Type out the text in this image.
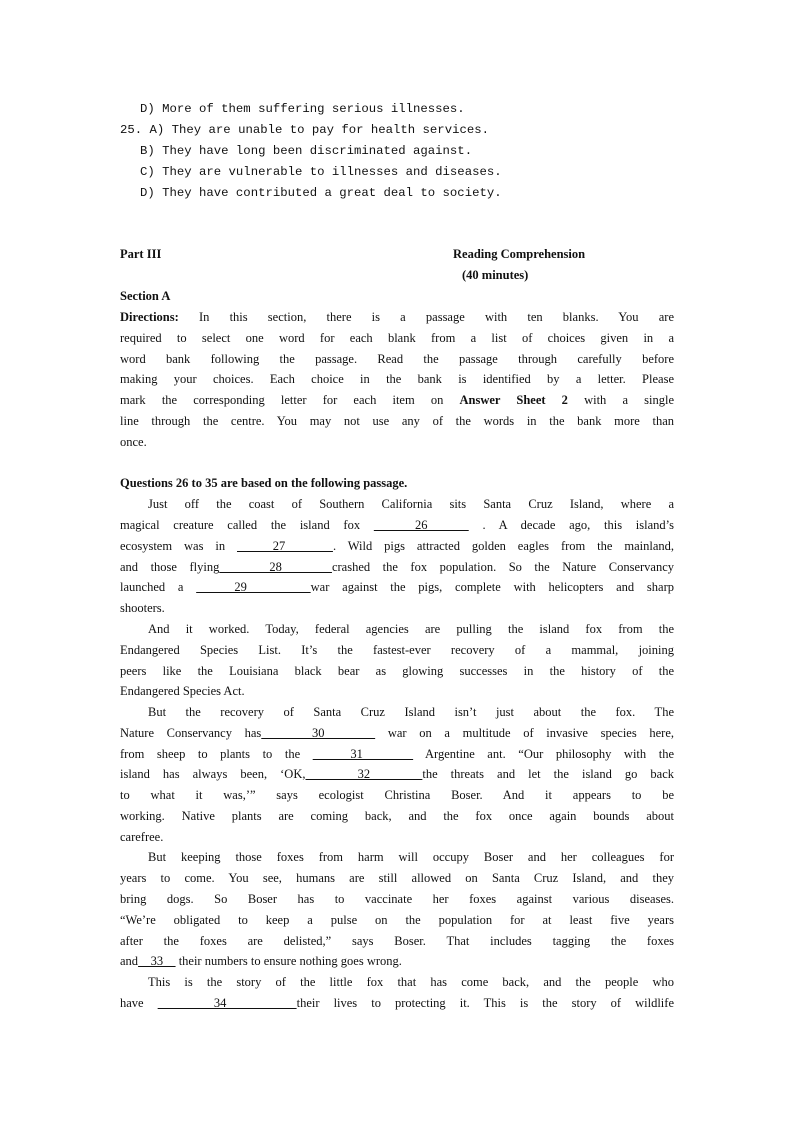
D) More of them suffering serious illnesses.
25. A) They are unable to pay for health services.
B) They have long been discriminated against.
C) They are vulnerable to illnesses and diseases.
D) They have contributed a great deal to society.
Part III	Reading Comprehension
(40 minutes)
Section A
Directions: In this section, there is a passage with ten blanks. You are
required to select one word for each blank from a list of choices given in a
word bank following the passage. Read the passage through carefully before
making your choices. Each choice in the bank is identified by a letter. Please
mark the corresponding letter for each item on Answer Sheet 2 with a single
line through the centre. You may not use any of the words in the bank more than
once.
Questions 26 to 35 are based on the following passage.
Just off the coast of Southern California sits Santa Cruz Island, where a
magical creature called the island fox    26    . A decade ago, this island’s
ecosystem was in    27    . Wild pigs attracted golden eagles from the mainland,
and those flying    28    crashed the fox population. So the Nature Conservancy
launched a    29     war against the pigs, complete with helicopters and sharp
shooters.
And it worked. Today, federal agencies are pulling the island fox from the
Endangered Species List. It’s the fastest-ever recovery of a mammal, joining
peers like the Louisiana black bear as glowing successes in the history of the
Endangered Species Act.
But the recovery of Santa Cruz Island isn’t just about the fox. The
Nature Conservancy has    30     war on a multitude of invasive species here,
from sheep to plants to the    31     Argentine ant. “Our philosophy with the
island has always been, ‘OK,    32    the threats and let the island go back
to what it was,’” says ecologist Christina Boser. And it appears to be
working. Native plants are coming back, and the fox once again bounds about
carefree.
But keeping those foxes from harm will occupy Boser and her colleagues for
years to come. You see, humans are still allowed on Santa Cruz Island, and they
bring dogs. So Boser has to vaccinate her foxes against various diseases.
“We’re obligated to keep a pulse on the population for at least five years
after the foxes are delisted,” says Boser. That includes tagging the foxes
and    33     their numbers to ensure nothing goes wrong.
This is the story of the little fox that has come back, and the people who
have     34     their lives to protecting it. This is the story of wildlife
